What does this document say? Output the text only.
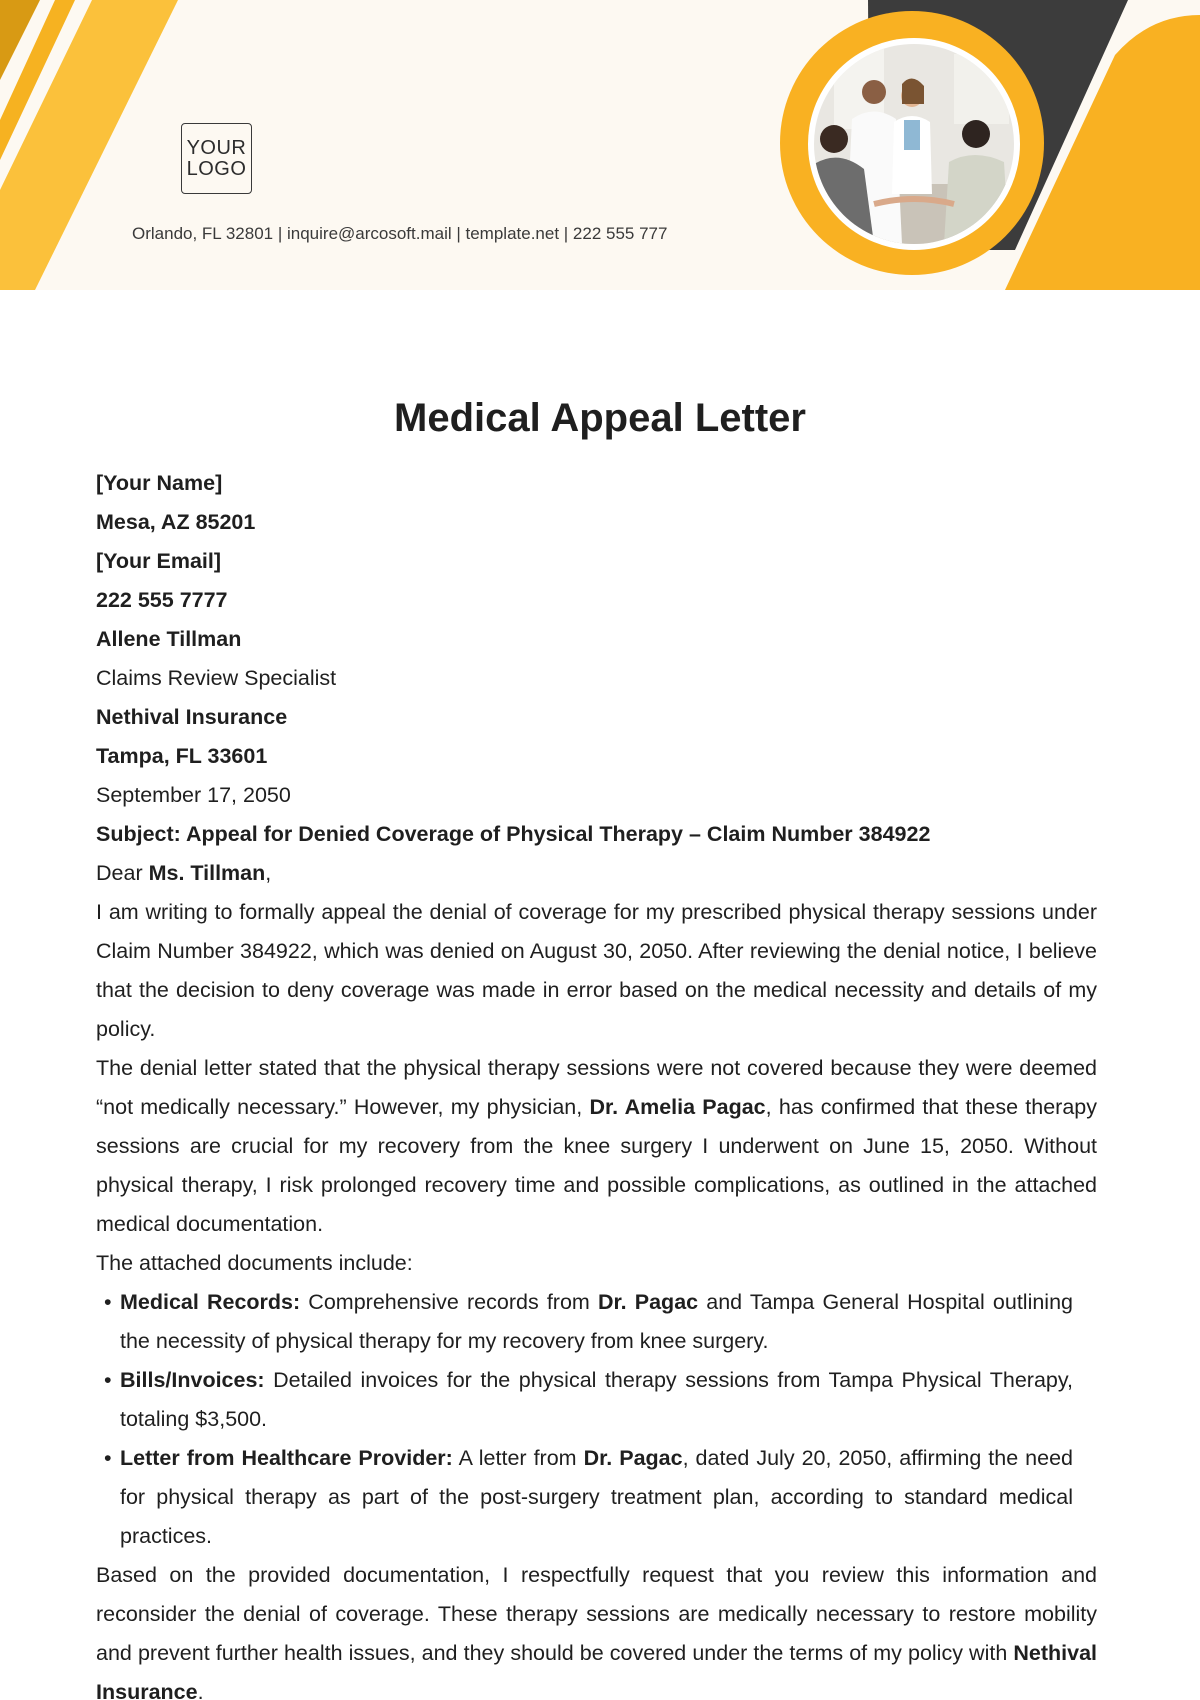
YOUR
LOGO
Orlando, FL 32801 | inquire@arcosoft.mail | template.net | 222 555 777
Medical Appeal Letter

[Your Name]

Mesa, AZ 85201

[Your Email]

222 555 7777

Allene Tillman

Claims Review Specialist

Nethival Insurance

Tampa, FL 33601

September 17, 2050

Subject: Appeal for Denied Coverage of Physical Therapy – Claim Number 384922

Dear Ms. Tillman,

I am writing to formally appeal the denial of coverage for my prescribed physical therapy sessions under Claim Number 384922, which was denied on August 30, 2050. After reviewing the denial notice, I believe that the decision to deny coverage was made in error based on the medical necessity and details of my policy.

The denial letter stated that the physical therapy sessions were not covered because they were deemed “not medically necessary.” However, my physician, Dr. Amelia Pagac, has confirmed that these therapy sessions are crucial for my recovery from the knee surgery I underwent on June 15, 2050. Without physical therapy, I risk prolonged recovery time and possible complications, as outlined in the attached medical documentation.

The attached documents include:

• Medical Records: Comprehensive records from Dr. Pagac and Tampa General Hospital outlining the necessity of physical therapy for my recovery from knee surgery.
• Bills/Invoices: Detailed invoices for the physical therapy sessions from Tampa Physical Therapy, totaling $3,500.
• Letter from Healthcare Provider: A letter from Dr. Pagac, dated July 20, 2050, affirming the need for physical therapy as part of the post-surgery treatment plan, according to standard medical practices.

Based on the provided documentation, I respectfully request that you review this information and reconsider the denial of coverage. These therapy sessions are medically necessary to restore mobility and prevent further health issues, and they should be covered under the terms of my policy with Nethival Insurance.
